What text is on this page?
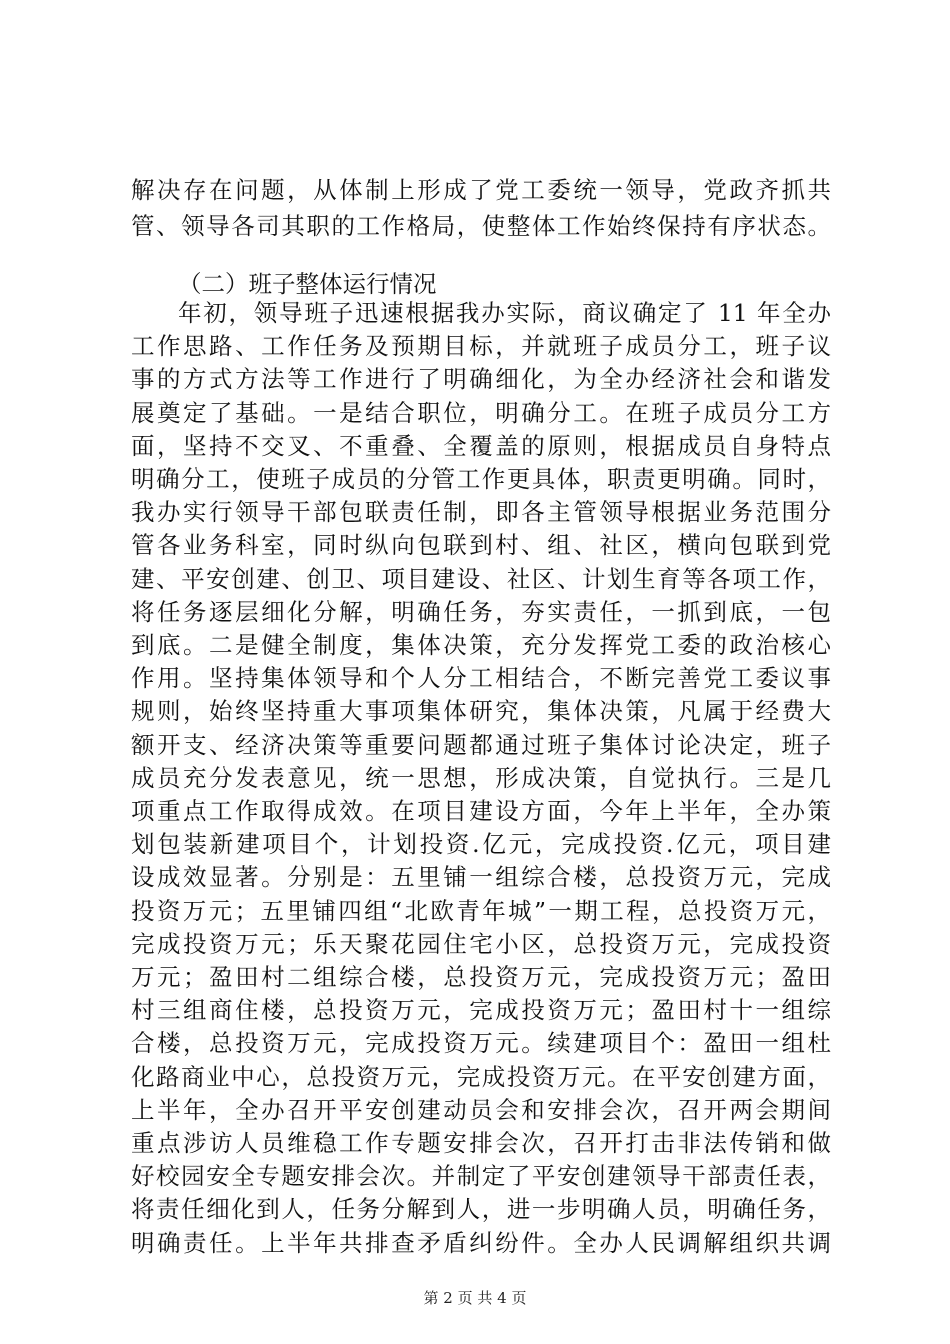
解决存在问题，从体制上形成了党工委统一领导，党政齐抓共
管、领导各司其职的工作格局，使整体工作始终保持有序状态。
（二）班子整体运行情况
第 2 页 共 4 页
年初，领导班子迅速根据我办实际，商议确定了 11 年全办
工作思路、工作任务及预期目标，并就班子成员分工，班子议
事的方式方法等工作进行了明确细化，为全办经济社会和谐发
展奠定了基础。一是结合职位，明确分工。在班子成员分工方
面，坚持不交叉、不重叠、全覆盖的原则，根据成员自身特点
明确分工，使班子成员的分管工作更具体，职责更明确。同时，
我办实行领导干部包联责任制，即各主管领导根据业务范围分
管各业务科室，同时纵向包联到村、组、社区，横向包联到党
建、平安创建、创卫、项目建设、社区、计划生育等各项工作，
将任务逐层细化分解，明确任务，夯实责任，一抓到底，一包
到底。二是健全制度，集体决策，充分发挥党工委的政治核心
作用。坚持集体领导和个人分工相结合，不断完善党工委议事
规则，始终坚持重大事项集体研究，集体决策，凡属于经费大
额开支、经济决策等重要问题都通过班子集体讨论决定，班子
成员充分发表意见，统一思想，形成决策，自觉执行。三是几
项重点工作取得成效。在项目建设方面，今年上半年，全办策
划包装新建项目个，计划投资.亿元，完成投资.亿元，项目建
设成效显著。分别是：五里铺一组综合楼，总投资万元，完成
投资万元；五里铺四组“北欧青年城”一期工程，总投资万元，
完成投资万元；乐天聚花园住宅小区，总投资万元，完成投资
万元；盈田村二组综合楼，总投资万元，完成投资万元；盈田
村三组商住楼，总投资万元，完成投资万元；盈田村十一组综
合楼，总投资万元，完成投资万元。续建项目个：盈田一组杜
化路商业中心，总投资万元，完成投资万元。在平安创建方面，
上半年，全办召开平安创建动员会和安排会次，召开两会期间
重点涉访人员维稳工作专题安排会次，召开打击非法传销和做
好校园安全专题安排会次。并制定了平安创建领导干部责任表，
将责任细化到人，任务分解到人，进一步明确人员，明确任务，
明确责任。上半年共排查矛盾纠纷件。全办人民调解组织共调
